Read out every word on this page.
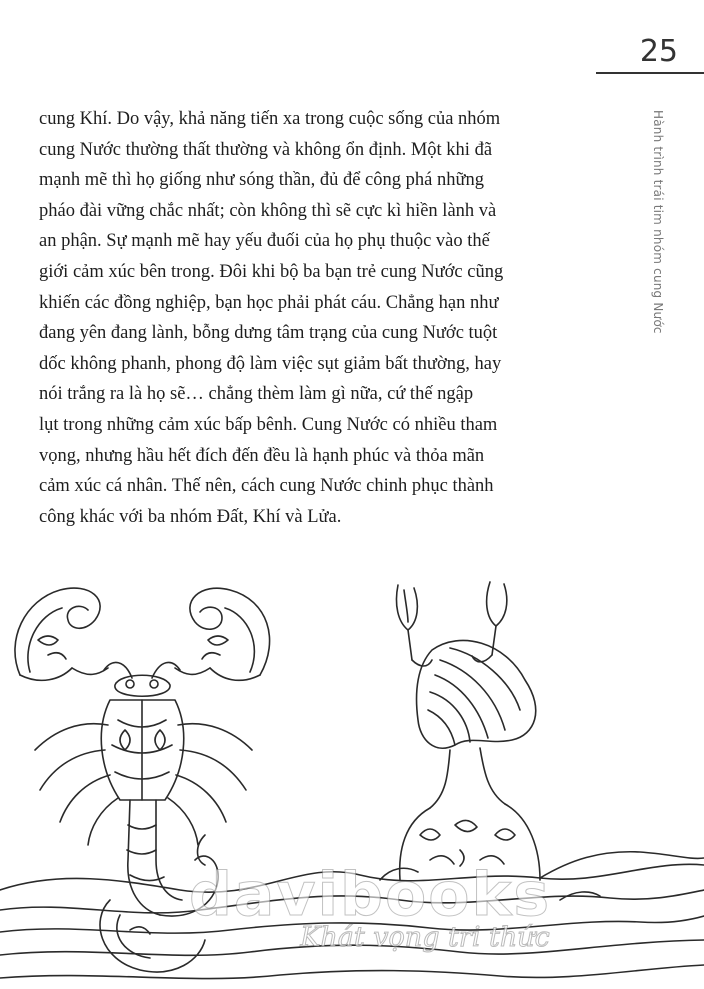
25
Hành trình trái tim nhóm cung Nước
cung Khí. Do vậy, khả năng tiến xa trong cuộc sống của nhóm
cung Nước thường thất thường và không ổn định. Một khi đã
mạnh mẽ thì họ giống như sóng thần, đủ để công phá những
pháo đài vững chắc nhất; còn không thì sẽ cực kì hiền lành và
an phận. Sự mạnh mẽ hay yếu đuối của họ phụ thuộc vào thế
giới cảm xúc bên trong. Đôi khi bộ ba bạn trẻ cung Nước cũng
khiến các đồng nghiệp, bạn học phải phát cáu. Chẳng hạn như
đang yên đang lành, bỗng dưng tâm trạng của cung Nước tuột
dốc không phanh, phong độ làm việc sụt giảm bất thường, hay
nói trắng ra là họ sẽ… chẳng thèm làm gì nữa, cứ thế ngập
lụt trong những cảm xúc bấp bênh. Cung Nước có nhiều tham
vọng, nhưng hầu hết đích đến đều là hạnh phúc và thỏa mãn
cảm xúc cá nhân. Thế nên, cách cung Nước chinh phục thành
công khác với ba nhóm Đất, Khí và Lửa.
davibooks
Khát vọng tri thức
